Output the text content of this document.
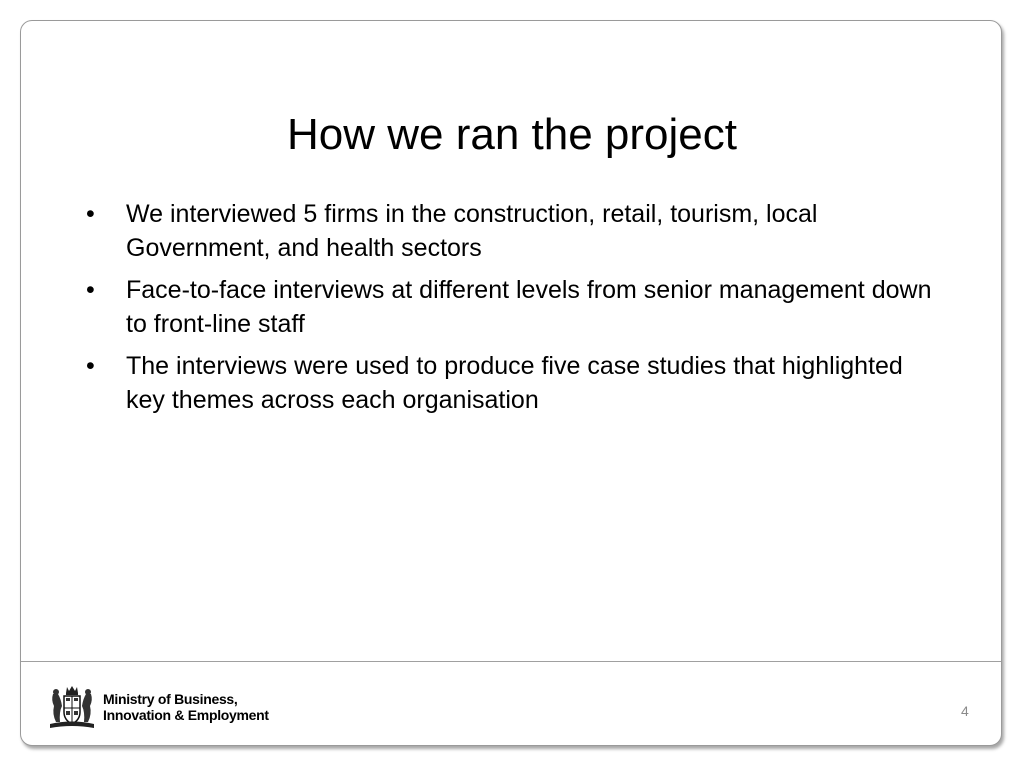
How we ran the project
• We interviewed 5 firms in the construction, retail, tourism, local Government, and health sectors
• Face-to-face interviews at different levels from senior management down to front-line staff
• The interviews were used to produce five case studies that highlighted key themes across each organisation
Ministry of Business,
Innovation & Employment	4
